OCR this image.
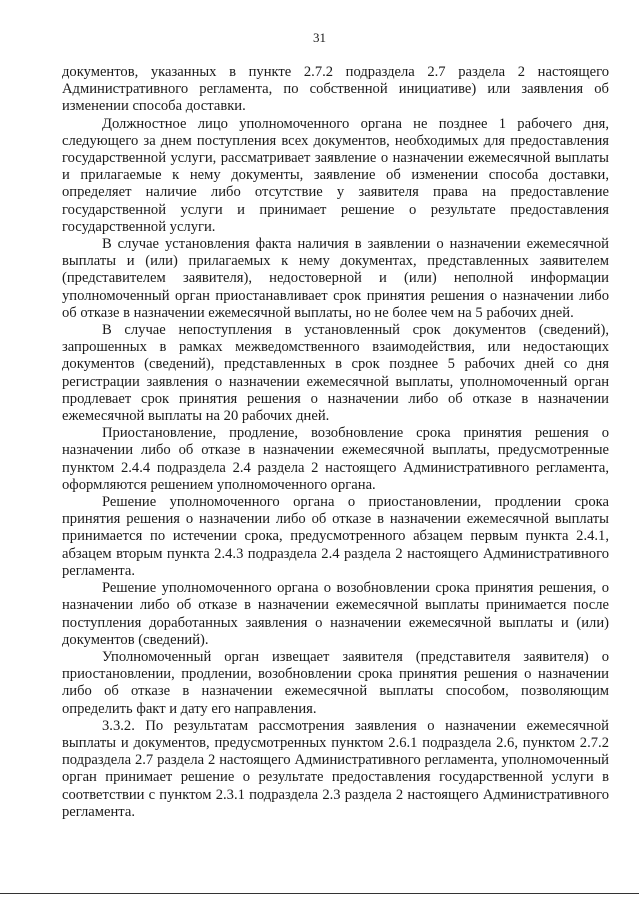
31

документов, указанных в пункте 2.7.2 подраздела 2.7 раздела 2 настоящего Административного регламента, по собственной инициативе) или заявления об изменении способа доставки.

Должностное лицо уполномоченного органа не позднее 1 рабочего дня, следующего за днем поступления всех документов, необходимых для предоставления государственной услуги, рассматривает заявление о назначении ежемесячной выплаты и прилагаемые к нему документы, заявление об изменении способа доставки, определяет наличие либо отсутствие у заявителя права на предоставление государственной услуги и принимает решение о результате предоставления государственной услуги.

В случае установления факта наличия в заявлении о назначении ежемесячной выплаты и (или) прилагаемых к нему документах, представленных заявителем (представителем заявителя), недостоверной и (или) неполной информации уполномоченный орган приостанавливает срок принятия решения о назначении либо об отказе в назначении ежемесячной выплаты, но не более чем на 5 рабочих дней.

В случае непоступления в установленный срок документов (сведений), запрошенных в рамках межведомственного взаимодействия, или недостающих документов (сведений), представленных в срок позднее 5 рабочих дней со дня регистрации заявления о назначении ежемесячной выплаты, уполномоченный орган продлевает срок принятия решения о назначении либо об отказе в назначении ежемесячной выплаты на 20 рабочих дней.

Приостановление, продление, возобновление срока принятия решения о назначении либо об отказе в назначении ежемесячной выплаты, предусмотренные пунктом 2.4.4 подраздела 2.4 раздела 2 настоящего Административного регламента, оформляются решением уполномоченного органа.

Решение уполномоченного органа о приостановлении, продлении срока принятия решения о назначении либо об отказе в назначении ежемесячной выплаты принимается по истечении срока, предусмотренного абзацем первым пункта 2.4.1, абзацем вторым пункта 2.4.3 подраздела 2.4 раздела 2 настоящего Административного регламента.

Решение уполномоченного органа о возобновлении срока принятия решения, о назначении либо об отказе в назначении ежемесячной выплаты принимается после поступления доработанных заявления о назначении ежемесячной выплаты и (или) документов (сведений).

Уполномоченный орган извещает заявителя (представителя заявителя) о приостановлении, продлении, возобновлении срока принятия решения о назначении либо об отказе в назначении ежемесячной выплаты способом, позволяющим определить факт и дату его направления.

3.3.2. По результатам рассмотрения заявления о назначении ежемесячной выплаты и документов, предусмотренных пунктом 2.6.1 подраздела 2.6, пунктом 2.7.2 подраздела 2.7 раздела 2 настоящего Административного регламента, уполномоченный орган принимает решение о результате предоставления государственной услуги в соответствии с пунктом 2.3.1 подраздела 2.3 раздела 2 настоящего Административного регламента.
